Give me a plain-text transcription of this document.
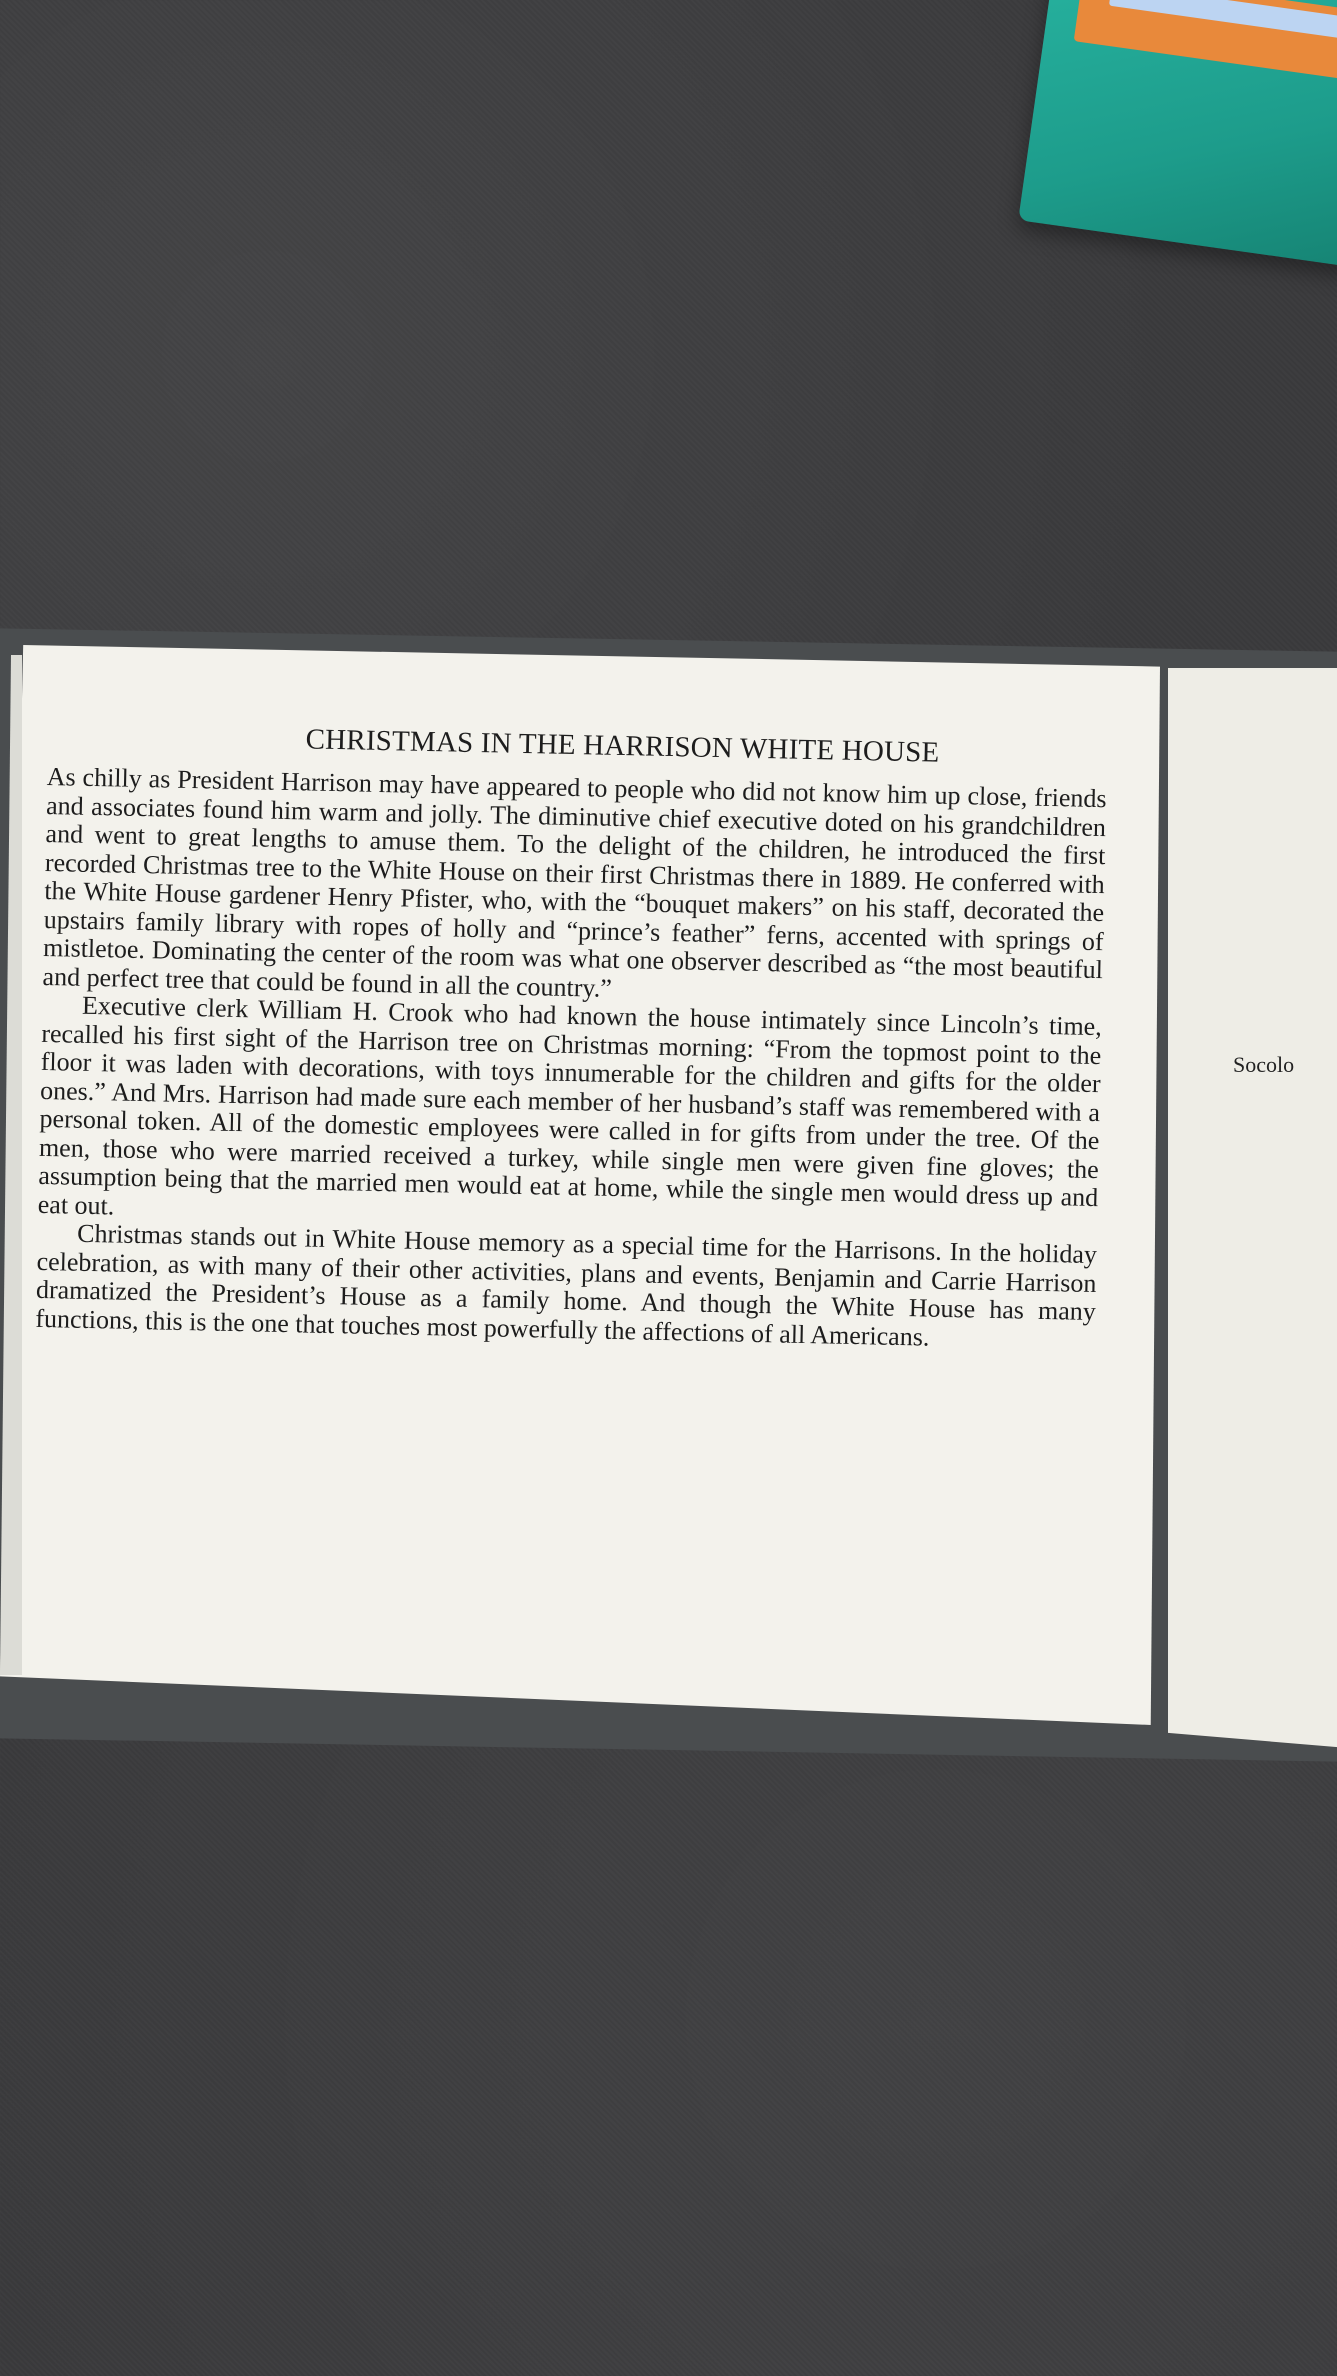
CHRISTMAS IN THE HARRISON WHITE HOUSE

As chilly as President Harrison may have appeared to people who did not know him up close, friends and associates found him warm and jolly. The diminutive chief executive doted on his grandchildren and went to great lengths to amuse them. To the delight of the children, he introduced the first recorded Christmas tree to the White House on their first Christmas there in 1889. He conferred with the White House gardener Henry Pfister, who, with the “bouquet makers” on his staff, decorated the upstairs family library with ropes of holly and “prince’s feather” ferns, accented with springs of mistletoe. Dominating the center of the room was what one observer described as “the most beautiful and perfect tree that could be found in all the country.”

Executive clerk William H. Crook who had known the house intimately since Lincoln’s time, recalled his first sight of the Harrison tree on Christmas morning: “From the topmost point to the floor it was laden with decorations, with toys innumerable for the children and gifts for the older ones.” And Mrs. Harrison had made sure each member of her husband’s staff was remembered with a personal token. All of the domestic employees were called in for gifts from under the tree. Of the men, those who were married received a turkey, while single men were given fine gloves; the assumption being that the married men would eat at home, while the single men would dress up and eat out.

Christmas stands out in White House memory as a special time for the Harrisons. In the holiday celebration, as with many of their other activities, plans and events, Benjamin and Carrie Harrison dramatized the President’s House as a family home. And though the White House has many functions, this is the one that touches most powerfully the affections of all Americans.

Socolo
